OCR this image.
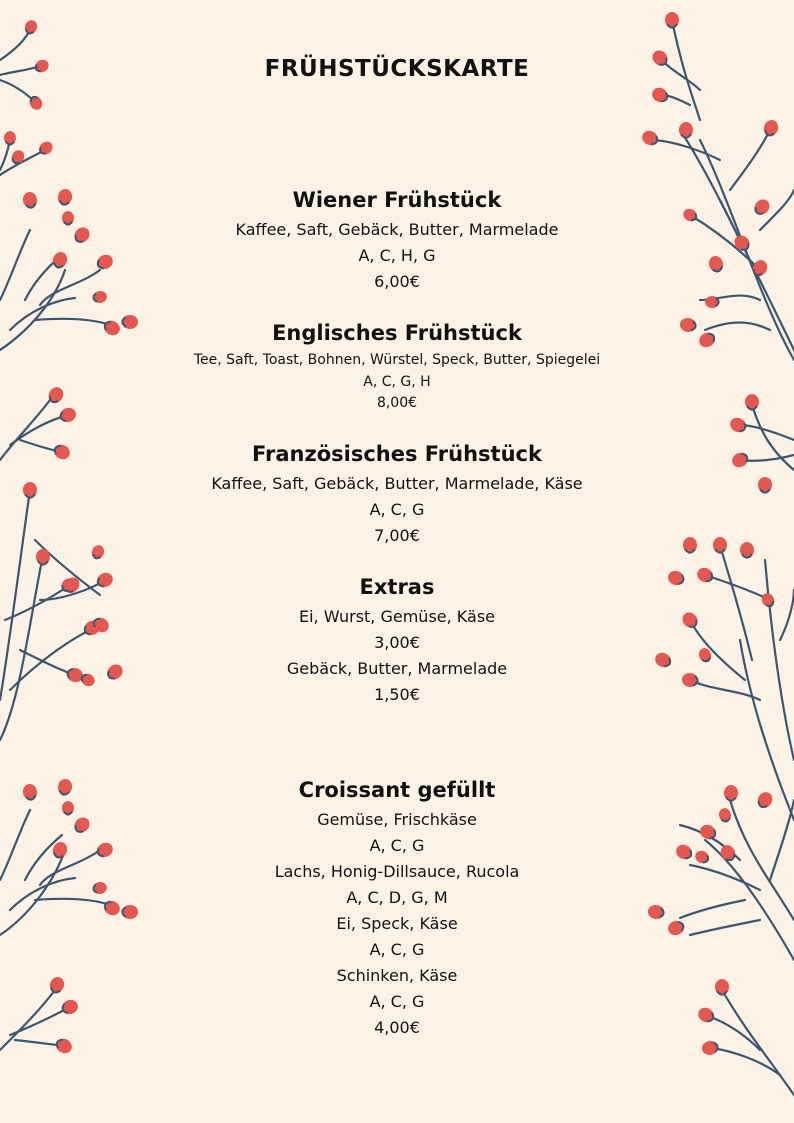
FRÜHSTÜCKSKARTE
Wiener Frühstück
Kaffee, Saft, Gebäck, Butter, Marmelade
A, C, H, G
6,00€
Englisches Frühstück
Tee, Saft, Toast, Bohnen, Würstel, Speck, Butter, Spiegelei
A, C, G, H
8,00€
Französisches Frühstück
Kaffee, Saft, Gebäck, Butter, Marmelade, Käse
A, C, G
7,00€
Extras
Ei, Wurst, Gemüse, Käse
3,00€
Gebäck, Butter, Marmelade
1,50€
Croissant gefüllt
Gemüse, Frischkäse
A, C, G
Lachs, Honig-Dillsauce, Rucola
A, C, D, G, M
Ei, Speck, Käse
A, C, G
Schinken, Käse
A, C, G
4,00€
